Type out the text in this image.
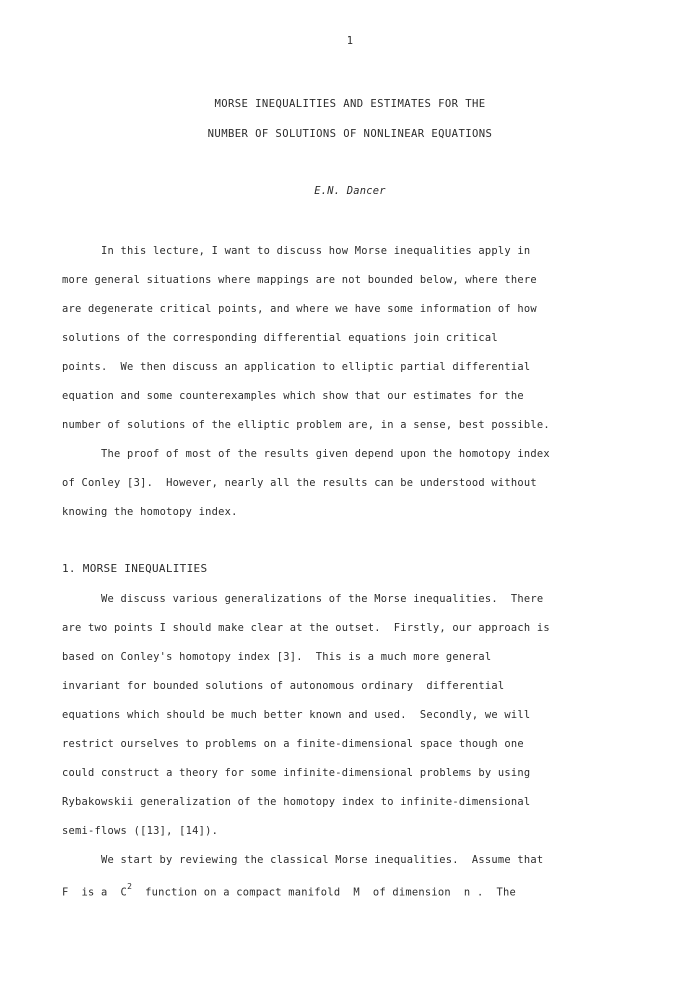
1
MORSE INEQUALITIES AND ESTIMATES FOR THE
NUMBER OF SOLUTIONS OF NONLINEAR EQUATIONS
E.N. Dancer
In this lecture, I want to discuss how Morse inequalities apply in
more general situations where mappings are not bounded below, where there
are degenerate critical points, and where we have some information of how
solutions of the corresponding differential equations join critical
points.  We then discuss an application to elliptic partial differential
equation and some counterexamples which show that our estimates for the
number of solutions of the elliptic problem are, in a sense, best possible.
The proof of most of the results given depend upon the homotopy index
of Conley [3].  However, nearly all the results can be understood without
knowing the homotopy index.
1. MORSE INEQUALITIES
We discuss various generalizations of the Morse inequalities.  There
are two points I should make clear at the outset.  Firstly, our approach is
based on Conley's homotopy index [3].  This is a much more general
invariant for bounded solutions of autonomous ordinary  differential
equations which should be much better known and used.  Secondly, we will
restrict ourselves to problems on a finite-dimensional space though one
could construct a theory for some infinite-dimensional problems by using
Rybakowskii generalization of the homotopy index to infinite-dimensional
semi-flows ([13], [14]).
We start by reviewing the classical Morse inequalities.  Assume that
F  is a  $C^2$  function on a compact manifold  M  of dimension  n .  The
